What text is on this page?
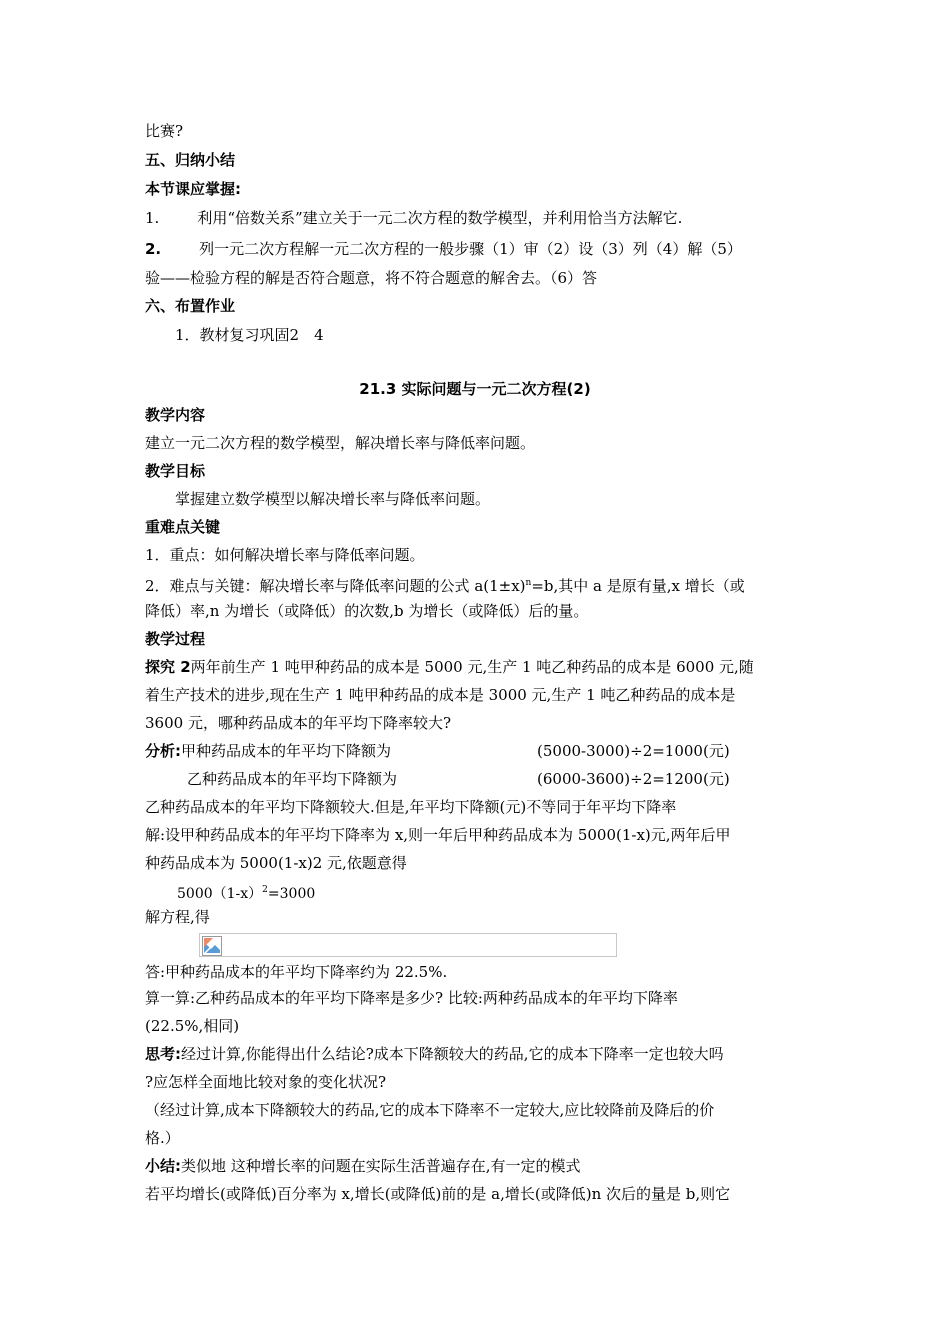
比赛?
五、归纳小结
本节课应掌握:
1.	利用“倍数关系”建立关于一元二次方程的数学模型，并利用恰当方法解它.
2.	列一元二次方程解一元二次方程的一般步骤（1）审（2）设（3）列（4）解（5）
验——检验方程的解是否符合题意，将不符合题意的解舍去。（6）答
六、布置作业
1．教材复习巩固2　4
21.3 实际问题与一元二次方程(2)
教学内容
建立一元二次方程的数学模型，解决增长率与降低率问题。
教学目标
掌握建立数学模型以解决增长率与降低率问题。
重难点关键
1．重点：如何解决增长率与降低率问题。
2．难点与关键：解决增长率与降低率问题的公式 $a(1\pm x)^n=b$,其中 a 是原有量,x 增长（或
降低）率,n 为增长（或降低）的次数,b 为增长（或降低）后的量。
教学过程
探究 2两年前生产 1 吨甲种药品的成本是 5000 元,生产 1 吨乙种药品的成本是 6000 元,随
着生产技术的进步,现在生产 1 吨甲种药品的成本是 3000 元,生产 1 吨乙种药品的成本是
3600 元，哪种药品成本的年平均下降率较大?
分析:甲种药品成本的年平均下降额为	(5000-3000)÷2=1000(元)
乙种药品成本的年平均下降额为	(6000-3600)÷2=1200(元)
乙种药品成本的年平均下降额较大.但是,年平均下降额(元)不等同于年平均下降率
解:设甲种药品成本的年平均下降率为 x,则一年后甲种药品成本为 5000(1-x)元,两年后甲
种药品成本为 5000(1-x)2 元,依题意得
$5000(1-x)^2=3000$
解方程,得
答:甲种药品成本的年平均下降率约为 22.5%.
算一算:乙种药品成本的年平均下降率是多少? 比较:两种药品成本的年平均下降率
(22.5%,相同)
思考:经过计算,你能得出什么结论?成本下降额较大的药品,它的成本下降率一定也较大吗
?应怎样全面地比较对象的变化状况?
（经过计算,成本下降额较大的药品,它的成本下降率不一定较大,应比较降前及降后的价
格.）
小结:类似地 这种增长率的问题在实际生活普遍存在,有一定的模式
若平均增长(或降低)百分率为 x,增长(或降低)前的是 a,增长(或降低)n 次后的量是 b,则它
